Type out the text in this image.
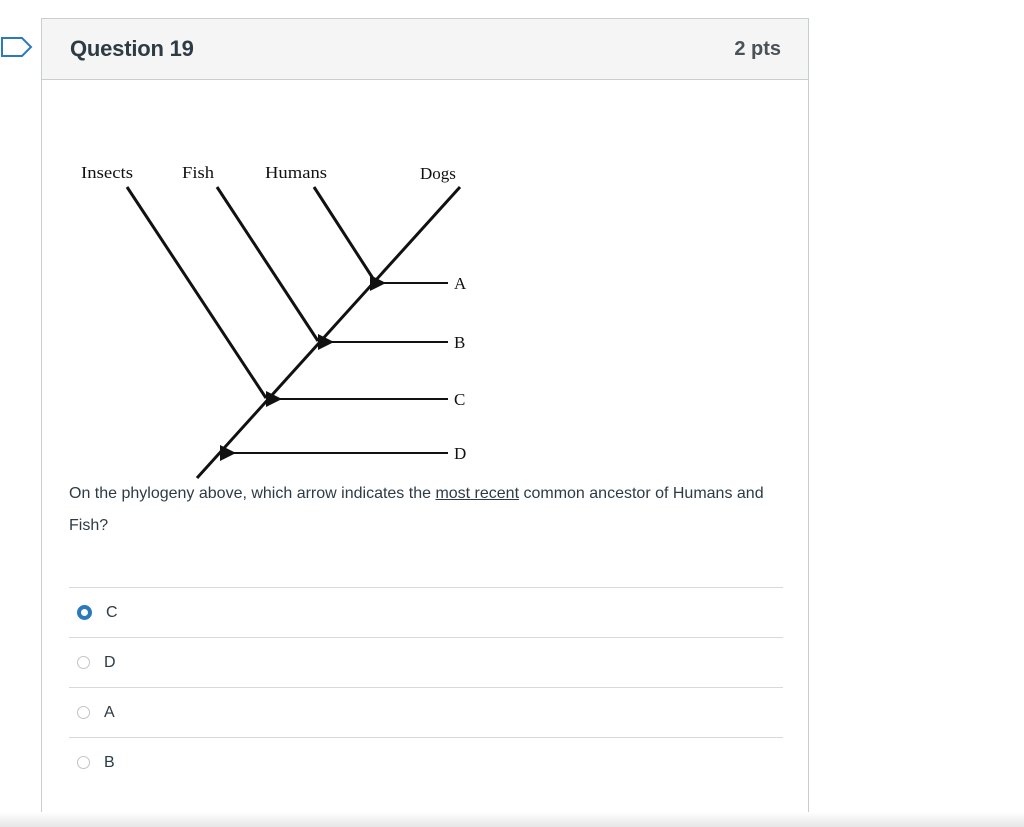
Question 19	2 pts
Insects	Fish	Humans	Dogs
A
B
C
D
On the phylogeny above, which arrow indicates the most recent common ancestor of Humans and Fish?
C
D
A
B
